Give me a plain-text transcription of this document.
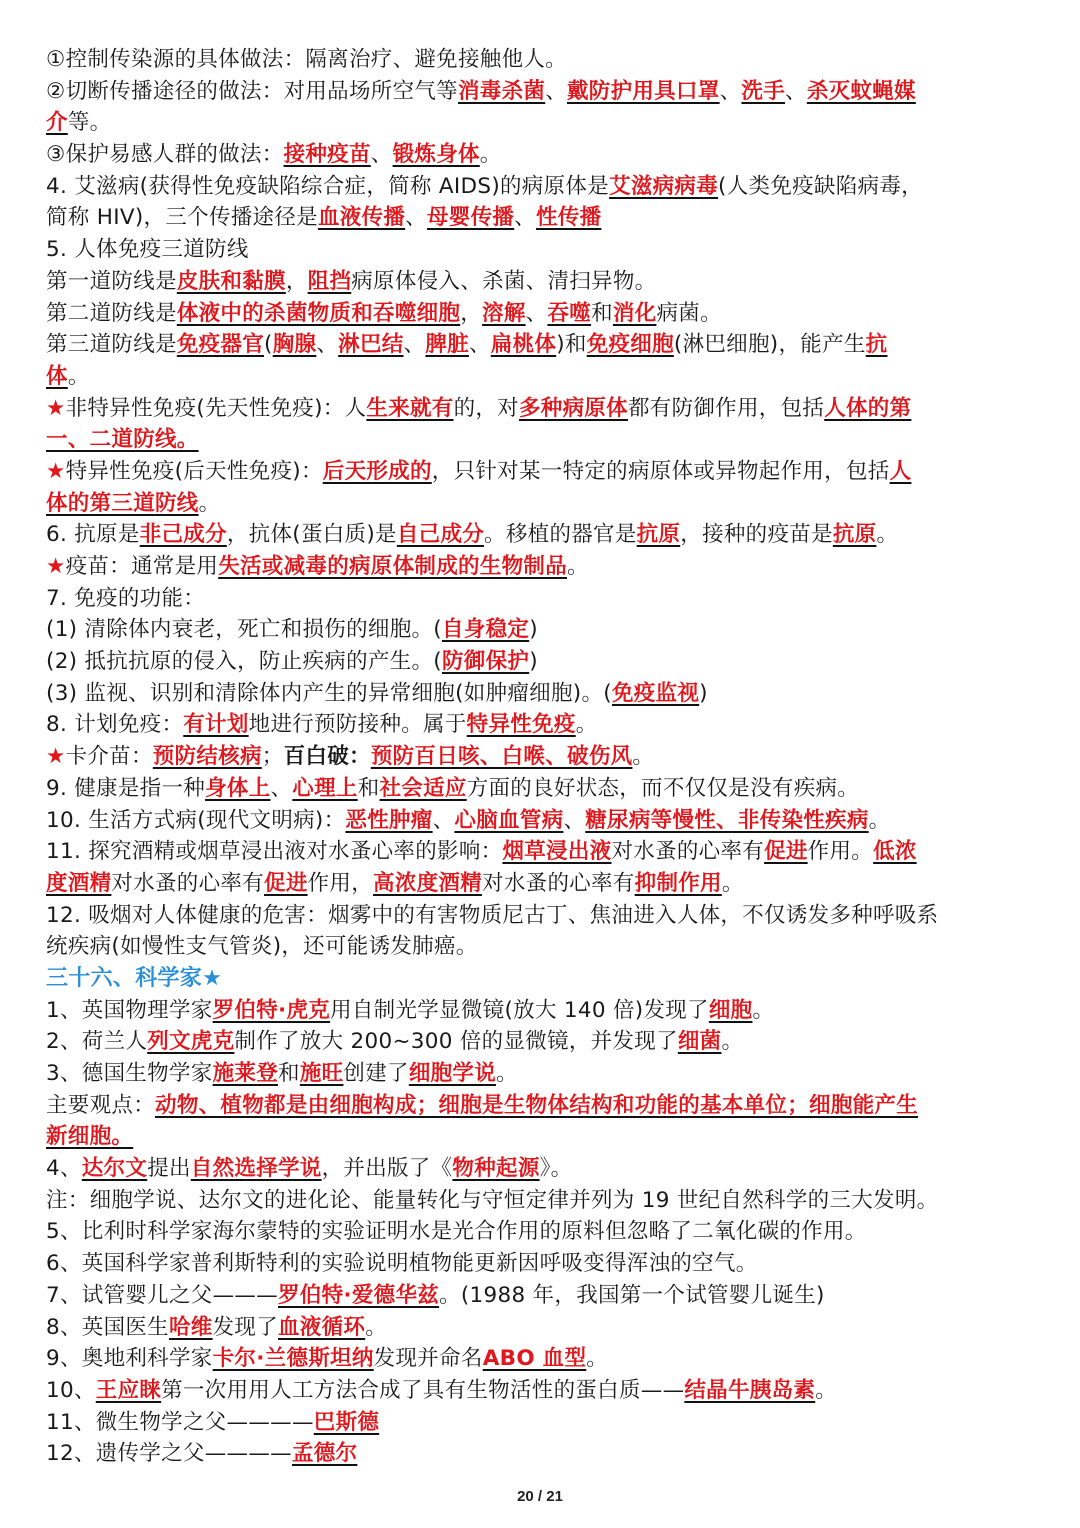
①控制传染源的具体做法：隔离治疗、避免接触他人。
②切断传播途径的做法：对用品场所空气等消毒杀菌、戴防护用具口罩、洗手、杀灭蚊蝇媒
介等。
③保护易感人群的做法：接种疫苗、锻炼身体。
4. 艾滋病(获得性免疫缺陷综合症，简称 AIDS)的病原体是艾滋病病毒(人类免疫缺陷病毒，
简称 HIV)，三个传播途径是血液传播、母婴传播、性传播
5. 人体免疫三道防线
第一道防线是皮肤和黏膜，阻挡病原体侵入、杀菌、清扫异物。
第二道防线是体液中的杀菌物质和吞噬细胞，溶解、吞噬和消化病菌。
第三道防线是免疫器官(胸腺、淋巴结、脾脏、扁桃体)和免疫细胞(淋巴细胞)，能产生抗
体。
★非特异性免疫(先天性免疫)：人生来就有的，对多种病原体都有防御作用，包括人体的第
一、二道防线。
★特异性免疫(后天性免疫)：后天形成的，只针对某一特定的病原体或异物起作用，包括人
体的第三道防线。
6. 抗原是非己成分，抗体(蛋白质)是自己成分。移植的器官是抗原，接种的疫苗是抗原。
★疫苗：通常是用失活或减毒的病原体制成的生物制品。
7. 免疫的功能：
(1) 清除体内衰老，死亡和损伤的细胞。(自身稳定)
(2) 抵抗抗原的侵入，防止疾病的产生。(防御保护)
(3) 监视、识别和清除体内产生的异常细胞(如肿瘤细胞)。(免疫监视)
8. 计划免疫：有计划地进行预防接种。属于特异性免疫。
★卡介苗：预防结核病；百白破：预防百日咳、白喉、破伤风。
9. 健康是指一种身体上、心理上和社会适应方面的良好状态，而不仅仅是没有疾病。
10. 生活方式病(现代文明病)：恶性肿瘤、心脑血管病、糖尿病等慢性、非传染性疾病。
11. 探究酒精或烟草浸出液对水蚤心率的影响：烟草浸出液对水蚤的心率有促进作用。低浓
度酒精对水蚤的心率有促进作用，高浓度酒精对水蚤的心率有抑制作用。
12. 吸烟对人体健康的危害：烟雾中的有害物质尼古丁、焦油进入人体，不仅诱发多种呼吸系
统疾病(如慢性支气管炎)，还可能诱发肺癌。
三十六、科学家★
1、英国物理学家罗伯特·虎克用自制光学显微镜(放大 140 倍)发现了细胞。
2、荷兰人列文虎克制作了放大 200~300 倍的显微镜，并发现了细菌。
3、德国生物学家施莱登和施旺创建了细胞学说。
主要观点：动物、植物都是由细胞构成；细胞是生物体结构和功能的基本单位；细胞能产生
新细胞。
4、达尔文提出自然选择学说，并出版了《物种起源》。
注：细胞学说、达尔文的进化论、能量转化与守恒定律并列为 19 世纪自然科学的三大发明。
5、比利时科学家海尔蒙特的实验证明水是光合作用的原料但忽略了二氧化碳的作用。
6、英国科学家普利斯特利的实验说明植物能更新因呼吸变得浑浊的空气。
7、试管婴儿之父———罗伯特·爱德华兹。(1988 年，我国第一个试管婴儿诞生)
8、英国医生哈维发现了血液循环。
9、奥地利科学家卡尔·兰德斯坦纳发现并命名ABO 血型。
10、王应睐第一次用用人工方法合成了具有生物活性的蛋白质——结晶牛胰岛素。
11、微生物学之父————巴斯德
12、遗传学之父————孟德尔
20 / 21
